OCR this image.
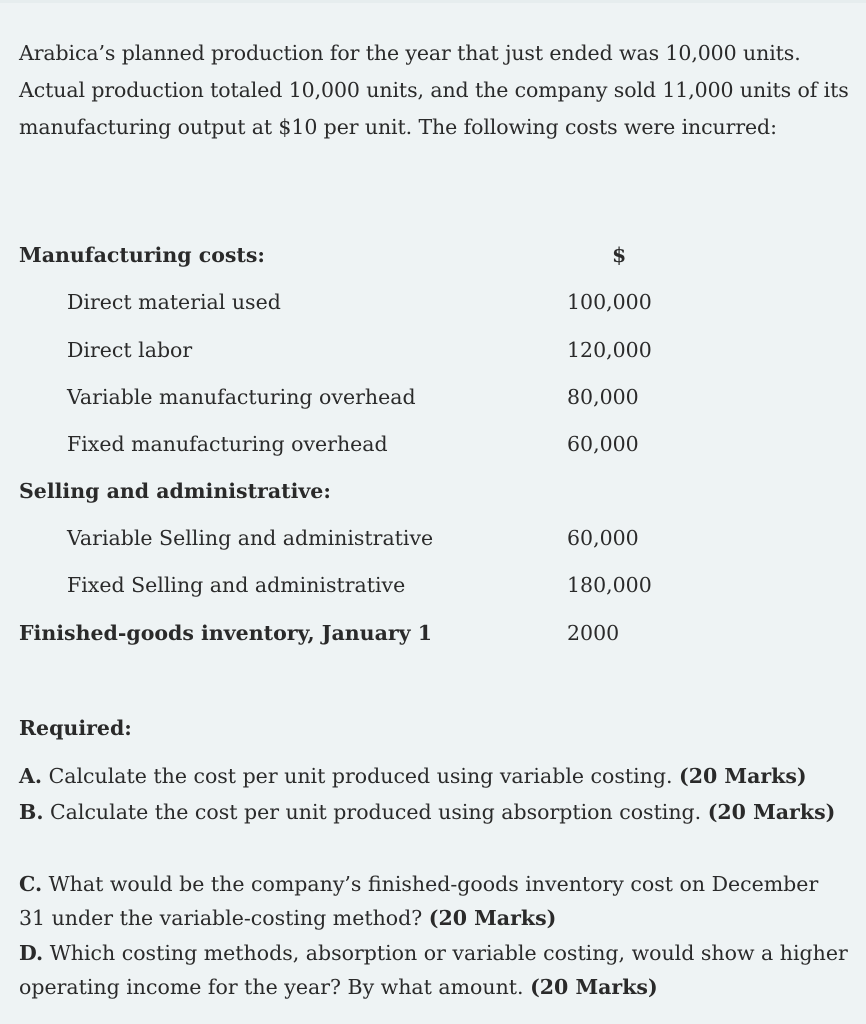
Arabica’s planned production for the year that just ended was 10,000 units. Actual production totaled 10,000 units, and the company sold 11,000 units of its manufacturing output at $10 per unit. The following costs were incurred:

Manufacturing costs:	$
Direct material used	100,000
Direct labor	120,000
Variable manufacturing overhead	80,000
Fixed manufacturing overhead	60,000
Selling and administrative:
Variable Selling and administrative	60,000
Fixed Selling and administrative	180,000
Finished-goods inventory, January 1	2000
Required:
A. Calculate the cost per unit produced using variable costing. (20 Marks)
B. Calculate the cost per unit produced using absorption costing. (20 Marks)
C. What would be the company’s finished-goods inventory cost on December 31 under the variable-costing method? (20 Marks)
D. Which costing methods, absorption or variable costing, would show a higher operating income for the year? By what amount. (20 Marks)
